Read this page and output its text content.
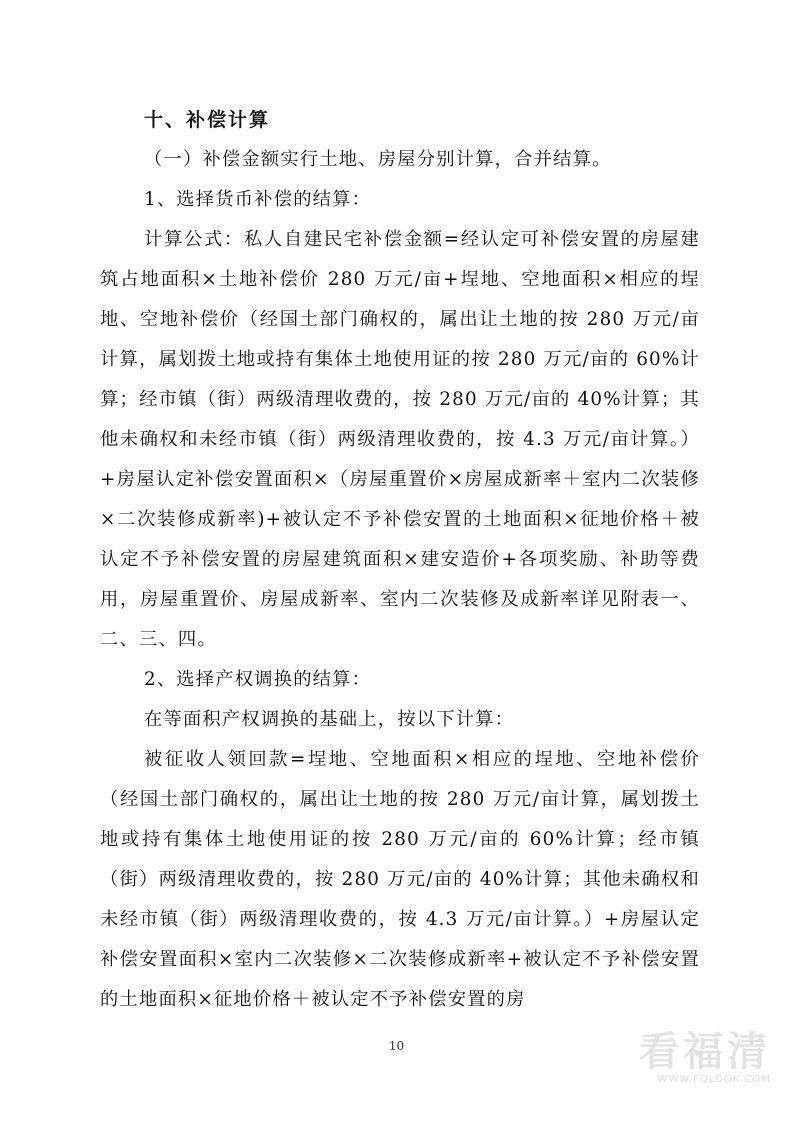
十、补偿计算

（一）补偿金额实行土地、房屋分别计算，合并结算。

1、选择货币补偿的结算：

计算公式：私人自建民宅补偿金额=经认定可补偿安置的房屋建筑占地面积×土地补偿价 280 万元/亩+埕地、空地面积×相应的埕地、空地补偿价（经国土部门确权的，属出让土地的按 280 万元/亩计算，属划拨土地或持有集体土地使用证的按 280 万元/亩的 60%计算；经市镇（街）两级清理收费的，按 280 万元/亩的 40%计算；其他未确权和未经市镇（街）两级清理收费的，按 4.3 万元/亩计算。）+房屋认定补偿安置面积×（房屋重置价×房屋成新率＋室内二次装修×二次装修成新率)+被认定不予补偿安置的土地面积×征地价格＋被认定不予补偿安置的房屋建筑面积×建安造价+各项奖励、补助等费用，房屋重置价、房屋成新率、室内二次装修及成新率详见附表一、二、三、四。

2、选择产权调换的结算：

在等面积产权调换的基础上，按以下计算：

被征收人领回款=埕地、空地面积×相应的埕地、空地补偿价（经国土部门确权的，属出让土地的按 280 万元/亩计算，属划拨土地或持有集体土地使用证的按 280 万元/亩的 60%计算；经市镇（街）两级清理收费的，按 280 万元/亩的 40%计算；其他未确权和未经市镇（街）两级清理收费的，按 4.3 万元/亩计算。）+房屋认定补偿安置面积×室内二次装修×二次装修成新率+被认定不予补偿安置的土地面积×征地价格＋被认定不予补偿安置的房

10	看福清
WWW.FQLOOK.COM
